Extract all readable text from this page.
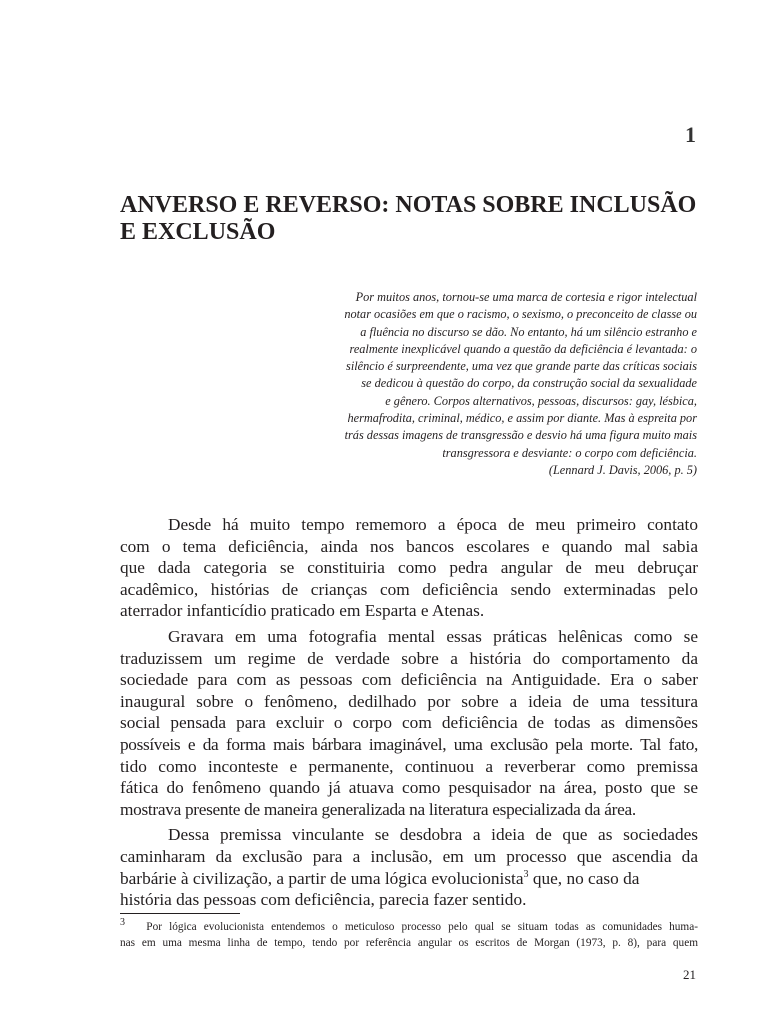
1
ANVERSO E REVERSO: NOTAS SOBRE INCLUSÃO
E EXCLUSÃO
Por muitos anos, tornou-se uma marca de cortesia e rigor intelectual
notar ocasiões em que o racismo, o sexismo, o preconceito de classe ou
a fluência no discurso se dão. No entanto, há um silêncio estranho e
realmente inexplicável quando a questão da deficiência é levantada: o
silêncio é surpreendente, uma vez que grande parte das críticas sociais
se dedicou à questão do corpo, da construção social da sexualidade
e gênero. Corpos alternativos, pessoas, discursos: gay, lésbica,
hermafrodita, criminal, médico, e assim por diante. Mas à espreita por
trás dessas imagens de transgressão e desvio há uma figura muito mais
transgressora e desviante: o corpo com deficiência.
(Lennard J. Davis, 2006, p. 5)
Desde há muito tempo rememoro a época de meu primeiro contato
com o tema deficiência, ainda nos bancos escolares e quando mal sabia
que dada categoria se constituiria como pedra angular de meu debruçar
acadêmico, histórias de crianças com deficiência sendo exterminadas pelo
aterrador infanticídio praticado em Esparta e Atenas.
Gravara em uma fotografia mental essas práticas helênicas como se
traduzissem um regime de verdade sobre a história do comportamento da
sociedade para com as pessoas com deficiência na Antiguidade. Era o saber
inaugural sobre o fenômeno, dedilhado por sobre a ideia de uma tessitura
social pensada para excluir o corpo com deficiência de todas as dimensões
possíveis e da forma mais bárbara imaginável, uma exclusão pela morte. Tal fato,
tido como inconteste e permanente, continuou a reverberar como premissa
fática do fenômeno quando já atuava como pesquisador na área, posto que se
mostrava presente de maneira generalizada na literatura especializada da área.
Dessa premissa vinculante se desdobra a ideia de que as sociedades
caminharam da exclusão para a inclusão, em um processo que ascendia da
barbárie à civilização, a partir de uma lógica evolucionista$^3$ que, no caso da
história das pessoas com deficiência, parecia fazer sentido.
$^3$ Por lógica evolucionista entendemos o meticuloso processo pelo qual se situam todas as comunidades huma-
nas em uma mesma linha de tempo, tendo por referência angular os escritos de Morgan (1973, p. 8), para quem
21
